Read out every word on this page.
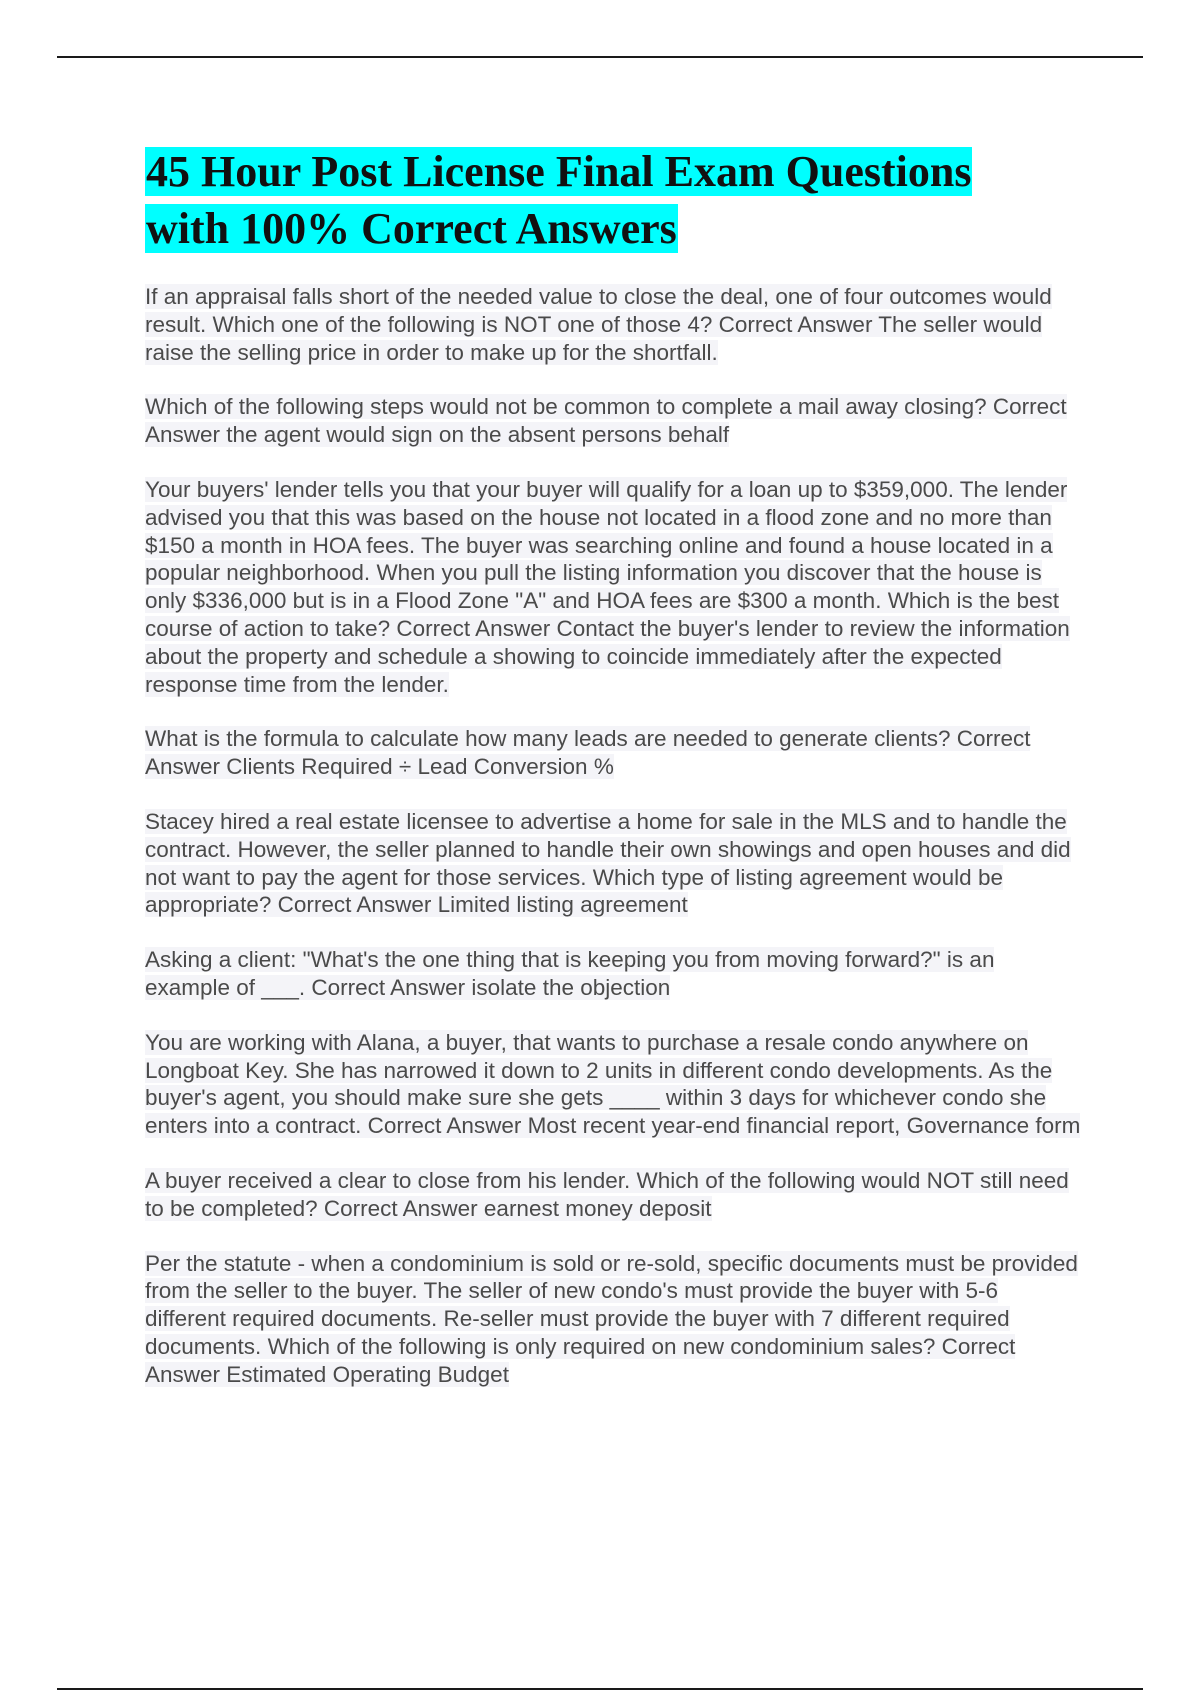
45 Hour Post License Final Exam Questions
with 100% Correct Answers
If an appraisal falls short of the needed value to close the deal, one of four outcomes would result. Which one of the following is NOT one of those 4? Correct Answer The seller would raise the selling price in order to make up for the shortfall.
Which of the following steps would not be common to complete a mail away closing? Correct Answer the agent would sign on the absent persons behalf
Your buyers' lender tells you that your buyer will qualify for a loan up to $359,000. The lender advised you that this was based on the house not located in a flood zone and no more than $150 a month in HOA fees. The buyer was searching online and found a house located in a popular neighborhood. When you pull the listing information you discover that the house is only $336,000 but is in a Flood Zone "A" and HOA fees are $300 a month. Which is the best course of action to take? Correct Answer Contact the buyer's lender to review the information about the property and schedule a showing to coincide immediately after the expected response time from the lender.
What is the formula to calculate how many leads are needed to generate clients? Correct Answer Clients Required ÷ Lead Conversion %
Stacey hired a real estate licensee to advertise a home for sale in the MLS and to handle the contract. However, the seller planned to handle their own showings and open houses and did not want to pay the agent for those services. Which type of listing agreement would be appropriate? Correct Answer Limited listing agreement
Asking a client: "What's the one thing that is keeping you from moving forward?" is an example of ___. Correct Answer isolate the objection
You are working with Alana, a buyer, that wants to purchase a resale condo anywhere on Longboat Key. She has narrowed it down to 2 units in different condo developments. As the buyer's agent, you should make sure she gets ____ within 3 days for whichever condo she enters into a contract. Correct Answer Most recent year-end financial report, Governance form
A buyer received a clear to close from his lender. Which of the following would NOT still need to be completed? Correct Answer earnest money deposit
Per the statute - when a condominium is sold or re-sold, specific documents must be provided from the seller to the buyer. The seller of new condo's must provide the buyer with 5-6 different required documents. Re-seller must provide the buyer with 7 different required documents. Which of the following is only required on new condominium sales? Correct Answer Estimated Operating Budget
